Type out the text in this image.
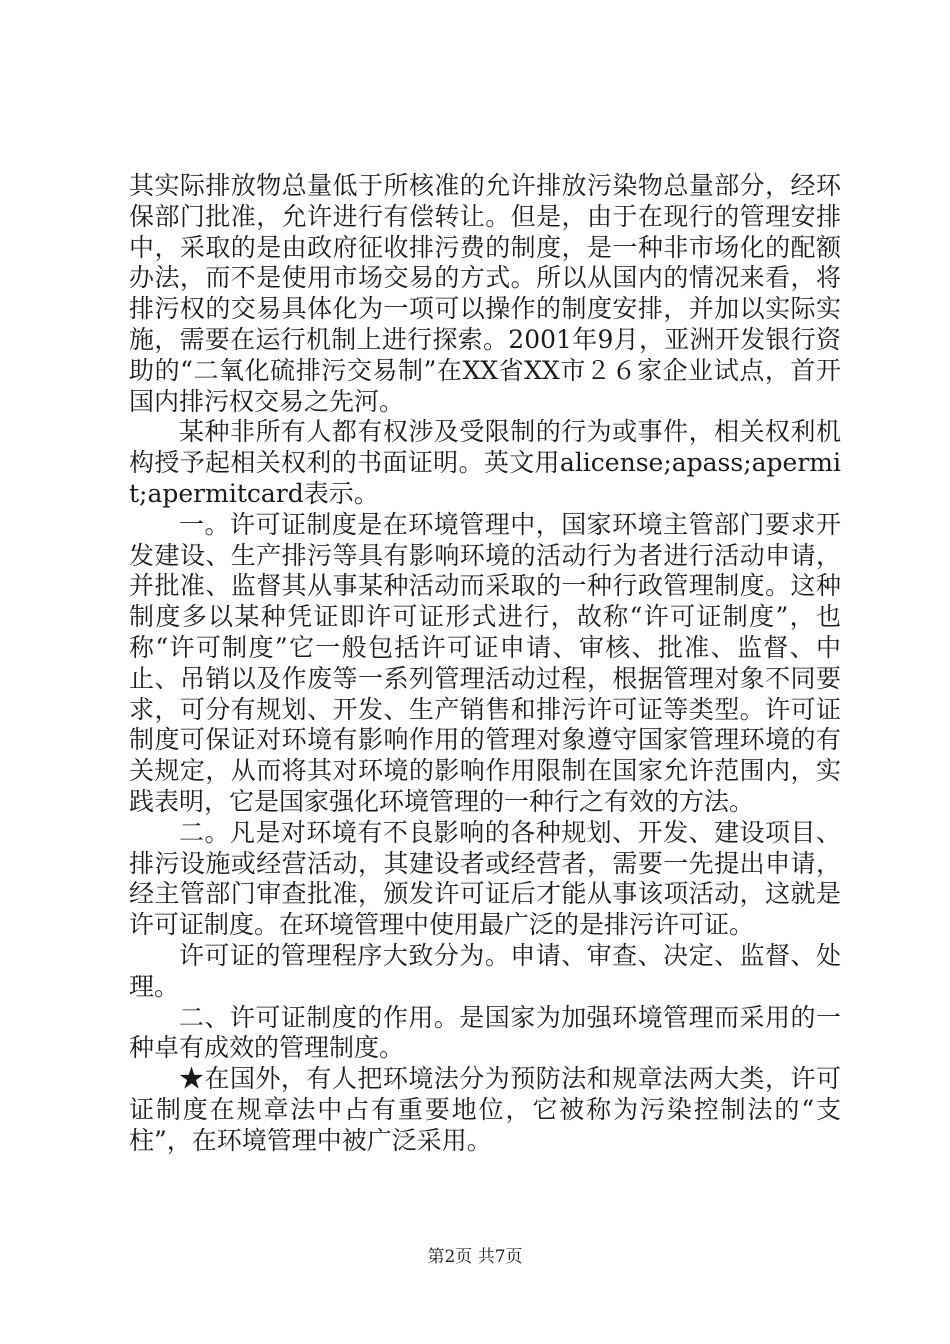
其实际排放物总量低于所核准的允许排放污染物总量部分，经环保部门批准，允许进行有偿转让。但是，由于在现行的管理安排中，采取的是由政府征收排污费的制度，是一种非市场化的配额办法，而不是使用市场交易的方式。所以从国内的情况来看，将排污权的交易具体化为一项可以操作的制度安排，并加以实际实施，需要在运行机制上进行探索。2001年9月，亚洲开发银行资助的“二氧化硫排污交易制”在XX省XX市２６家企业试点，首开国内排污权交易之先河。

某种非所有人都有权涉及受限制的行为或事件，相关权利机构授予起相关权利的书面证明。英文用alicense;apass;apermit;apermitcard表示。

一。许可证制度是在环境管理中，国家环境主管部门要求开发建设、生产排污等具有影响环境的活动行为者进行活动申请，并批准、监督其从事某种活动而采取的一种行政管理制度。这种制度多以某种凭证即许可证形式进行，故称“许可证制度”，也称“许可制度”它一般包括许可证申请、审核、批准、监督、中止、吊销以及作废等一系列管理活动过程，根据管理对象不同要求，可分有规划、开发、生产销售和排污许可证等类型。许可证制度可保证对环境有影响作用的管理对象遵守国家管理环境的有关规定，从而将其对环境的影响作用限制在国家允许范围内，实践表明，它是国家强化环境管理的一种行之有效的方法。

二。凡是对环境有不良影响的各种规划、开发、建设项目、排污设施或经营活动，其建设者或经营者，需要一先提出申请，经主管部门审查批准，颁发许可证后才能从事该项活动，这就是许可证制度。在环境管理中使用最广泛的是排污许可证。

许可证的管理程序大致分为。申请、审查、决定、监督、处理。

二、许可证制度的作用。是国家为加强环境管理而采用的一种卓有成效的管理制度。

★在国外，有人把环境法分为预防法和规章法两大类，许可证制度在规章法中占有重要地位，它被称为污染控制法的“支柱”，在环境管理中被广泛采用。

第2页 共7页
